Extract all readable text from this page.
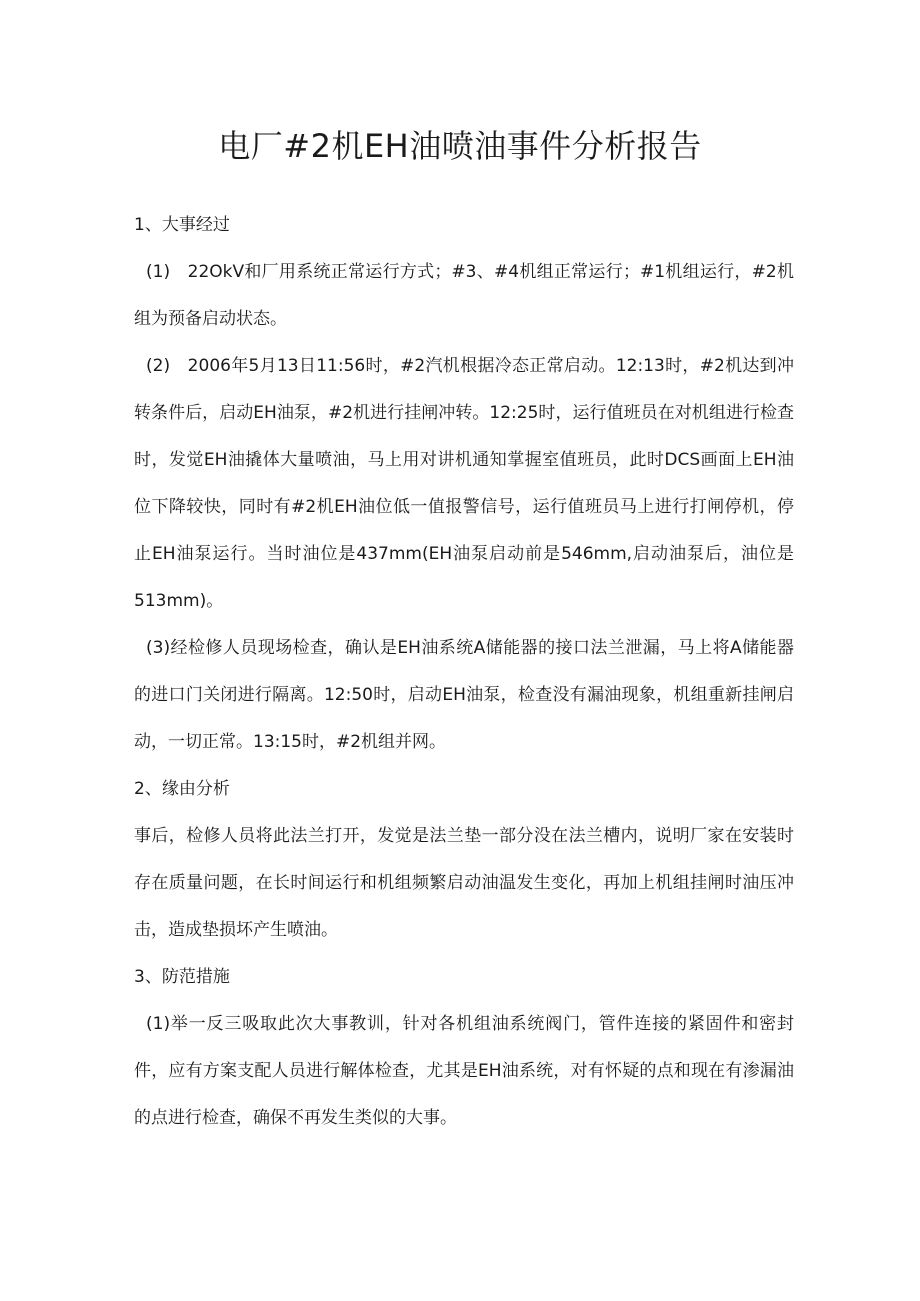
电厂#2机EH油喷油事件分析报告

1、大事经过

(1)　22OkV和厂用系统正常运行方式；#3、#4机组正常运行；#1机组运行，#2机组为预备启动状态。

(2)　2006年5月13日11:56时，#2汽机根据冷态正常启动。12:13时，#2机达到冲转条件后，启动EH油泵，#2机进行挂闸冲转。12:25时，运行值班员在对机组进行检查时，发觉EH油撬体大量喷油，马上用对讲机通知掌握室值班员，此时DCS画面上EH油位下降较快，同时有#2机EH油位低一值报警信号，运行值班员马上进行打闸停机，停止EH油泵运行。当时油位是437mm(EH油泵启动前是546mm,启动油泵后，油位是513mm)。

(3)经检修人员现场检查，确认是EH油系统A储能器的接口法兰泄漏，马上将A储能器的进口门关闭进行隔离。12:50时，启动EH油泵，检查没有漏油现象，机组重新挂闸启动，一切正常。13:15时，#2机组并网。

2、缘由分析

事后，检修人员将此法兰打开，发觉是法兰垫一部分没在法兰槽内，说明厂家在安装时存在质量问题，在长时间运行和机组频繁启动油温发生变化，再加上机组挂闸时油压冲击，造成垫损坏产生喷油。

3、防范措施

(1)举一反三吸取此次大事教训，针对各机组油系统阀门，管件连接的紧固件和密封件，应有方案支配人员进行解体检查，尤其是EH油系统，对有怀疑的点和现在有渗漏油的点进行检查，确保不再发生类似的大事。
